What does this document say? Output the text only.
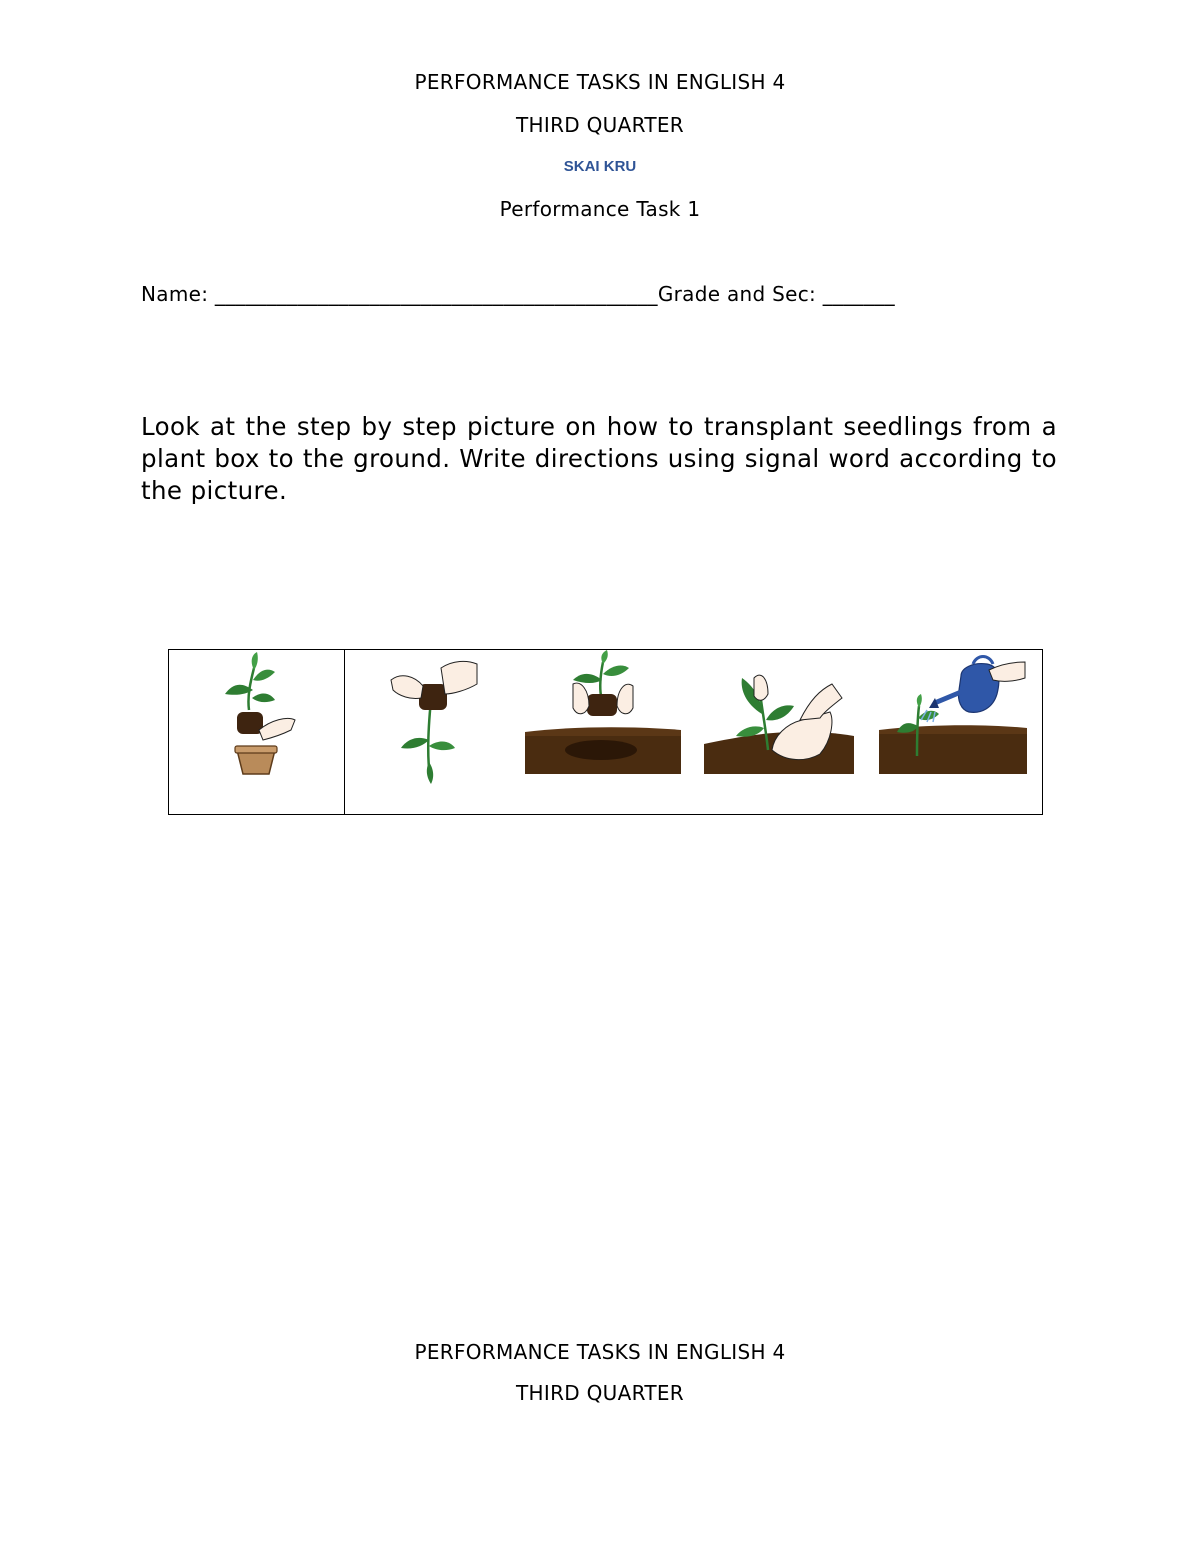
PERFORMANCE TASKS IN ENGLISH 4
THIRD QUARTER
SKAI KRU
Performance Task 1
Name: ___________________________________________Grade and Sec: _______
Look at the step by step picture on how to transplant seedlings from a plant box to the ground. Write directions using signal word according to the picture.
PERFORMANCE TASKS IN ENGLISH 4
THIRD QUARTER
